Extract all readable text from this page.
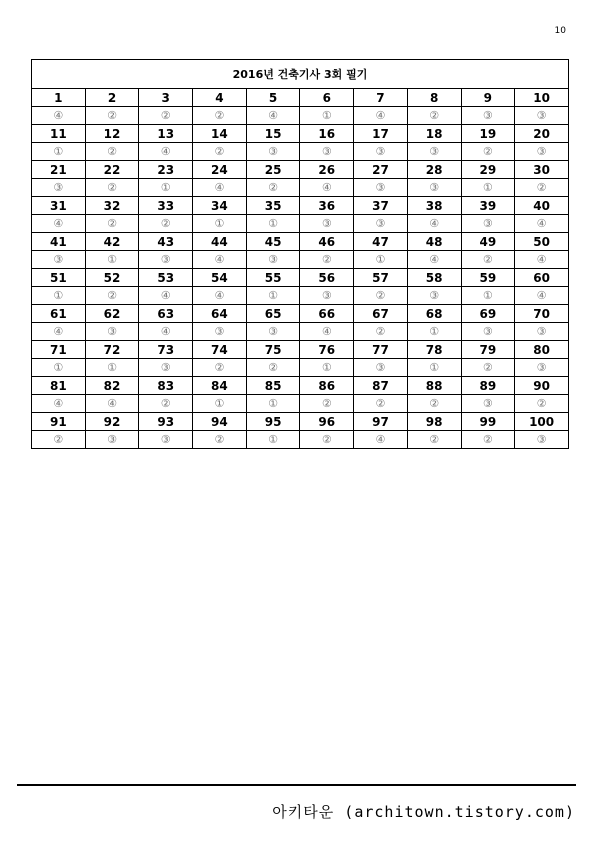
10
2016년 건축기사 3회 필기									
1	2	3	4	5	6	7	8	9	10
④	②	②	②	④	①	④	②	③	③
11	12	13	14	15	16	17	18	19	20
①	②	④	②	③	③	③	③	②	③
21	22	23	24	25	26	27	28	29	30
③	②	①	④	②	④	③	③	①	②
31	32	33	34	35	36	37	38	39	40
④	②	②	①	①	③	③	④	③	④
41	42	43	44	45	46	47	48	49	50
③	①	③	④	③	②	①	④	②	④
51	52	53	54	55	56	57	58	59	60
①	②	④	④	①	③	②	③	①	④
61	62	63	64	65	66	67	68	69	70
④	③	④	③	③	④	②	①	③	③
71	72	73	74	75	76	77	78	79	80
①	①	③	②	②	①	③	①	②	③
81	82	83	84	85	86	87	88	89	90
④	④	②	①	①	②	②	②	③	②
91	92	93	94	95	96	97	98	99	100
②	③	③	②	①	②	④	②	②	③
아키타운 (architown.tistory.com)
